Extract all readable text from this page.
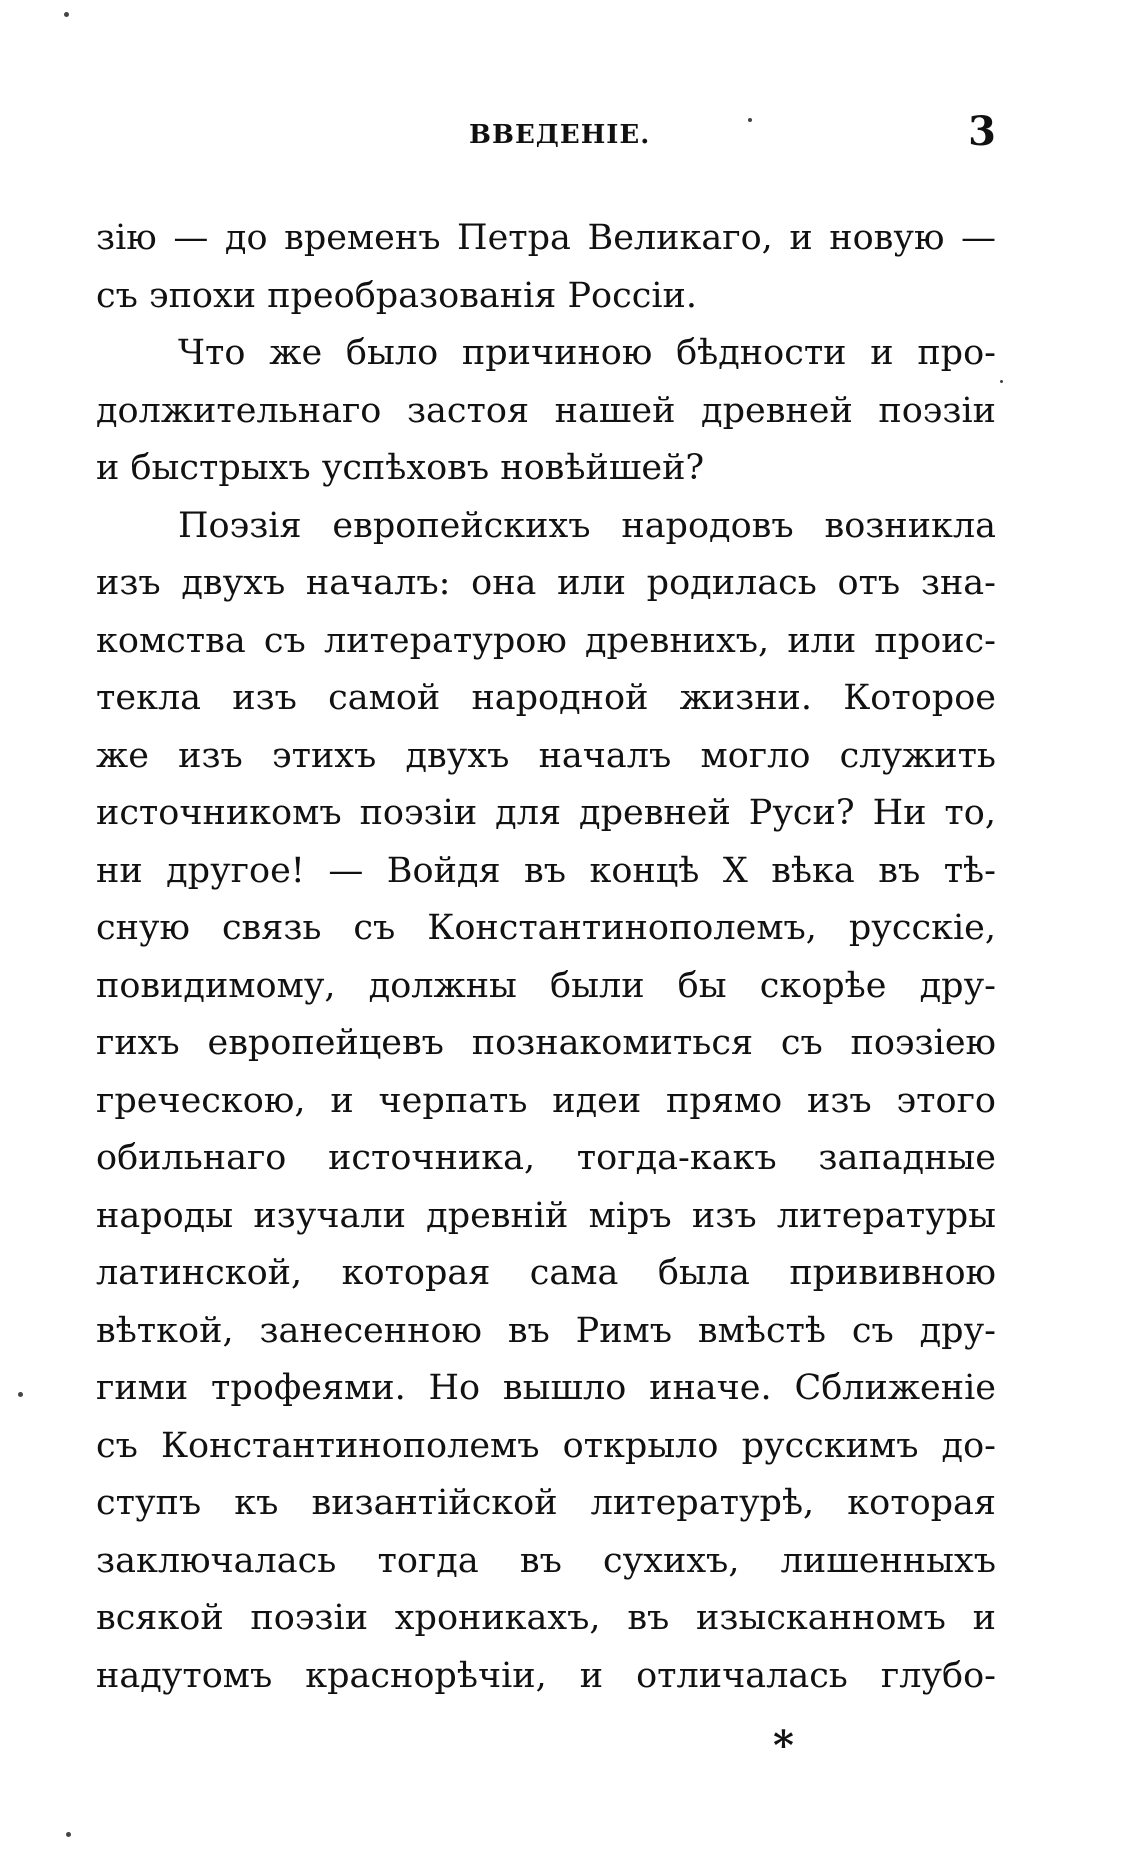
ВВЕДЕНІЕ.	3
зію — до временъ Петра Великаго, и новую —
съ эпохи преобразованія Россіи.
Что же было причиною бѣдности и про-
должительнаго застоя нашей древней поэзіи
и быстрыхъ успѣховъ новѣйшей?
Поэзія европейскихъ народовъ возникла
изъ двухъ началъ: она или родилась отъ зна-
комства съ литературою древнихъ, или проис-
текла изъ самой народной жизни. Которое
же изъ этихъ двухъ началъ могло служить
источникомъ поэзіи для древней Руси? Ни то,
ни другое! — Войдя въ концѣ X вѣка въ тѣ-
сную связь съ Константинополемъ, русскіе,
повидимому, должны были бы скорѣе дру-
гихъ европейцевъ познакомиться съ поэзіею
греческою, и черпать идеи прямо изъ этого
обильнаго источника, тогда-какъ западные
народы изучали древній міръ изъ литературы
латинской, которая сама была прививною
вѣткой, занесенною въ Римъ вмѣстѣ съ дру-
гими трофеями. Но вышло иначе. Сближеніе
съ Константинополемъ открыло русскимъ до-
ступъ къ византійской литературѣ, которая
заключалась тогда въ сухихъ, лишенныхъ
всякой поэзіи хроникахъ, въ изысканномъ и
надутомъ краснорѣчіи, и отличалась глубо-
*
